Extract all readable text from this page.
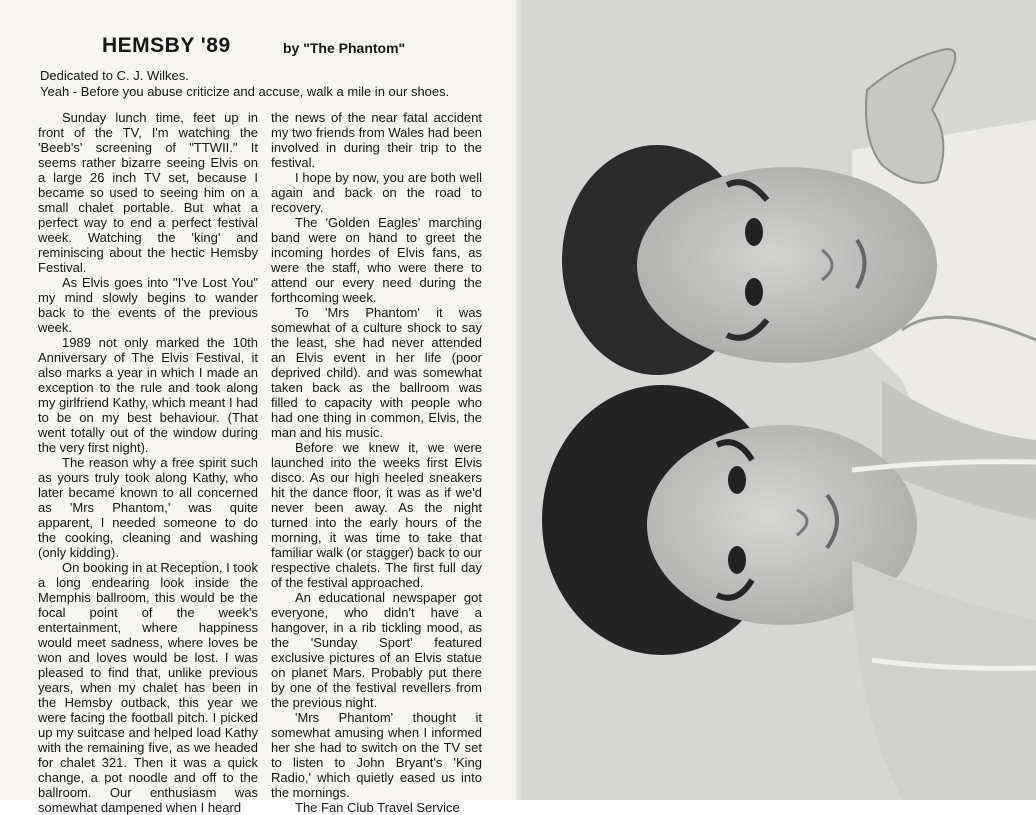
HEMSBY '89	by "The Phantom"
Dedicated to C. J. Wilkes.
Yeah - Before you abuse criticize and accuse, walk a mile in our shoes.

Sunday lunch time, feet up in front of the TV, I'm watching the 'Beeb's' screening of "TTWII." It seems rather bizarre seeing Elvis on a large 26 inch TV set, because I became so used to seeing him on a small chalet portable. But what a perfect way to end a perfect festival week. Watching the 'king' and reminiscing about the hectic Hemsby Festival.

As Elvis goes into "I've Lost You" my mind slowly begins to wander back to the events of the previous week.

1989 not only marked the 10th Anniversary of The Elvis Festival, it also marks a year in which I made an exception to the rule and took along my girlfriend Kathy, which meant I had to be on my best behaviour. (That went totally out of the window during the very first night).

The reason why a free spirit such as yours truly took along Kathy, who later became known to all concerned as 'Mrs Phantom,' was quite apparent, I needed someone to do the cooking, cleaning and washing (only kidding).

On booking in at Reception, I took a long endearing look inside the Memphis ballroom, this would be the focal point of the week's entertainment, where happiness would meet sadness, where loves be won and loves would be lost. I was pleased to find that, unlike previous years, when my chalet has been in the Hemsby outback, this year we were facing the football pitch. I picked up my suitcase and helped load Kathy with the remaining five, as we headed for chalet 321. Then it was a quick change, a pot noodle and off to the ballroom. Our enthusiasm was somewhat dampened when I heard

the news of the near fatal accident my two friends from Wales had been involved in during their trip to the festival.

I hope by now, you are both well again and back on the road to recovery.

The 'Golden Eagles' marching band were on hand to greet the incoming hordes of Elvis fans, as were the staff, who were there to attend our every need during the forthcoming week.

To 'Mrs Phantom' it was somewhat of a culture shock to say the least, she had never attended an Elvis event in her life (poor deprived child). and was somewhat taken back as the ballroom was filled to capacity with people who had one thing in common, Elvis, the man and his music.

Before we knew it, we were launched into the weeks first Elvis disco. As our high heeled sneakers hit the dance floor, it was as if we'd never been away. As the night turned into the early hours of the morning, it was time to take that familiar walk (or stagger) back to our respective chalets. The first full day of the festival approached.

An educational newspaper got everyone, who didn't have a hangover, in a rib tickling mood, as the 'Sunday Sport' featured exclusive pictures of an Elvis statue on planet Mars. Probably put there by one of the festival revellers from the previous night.

'Mrs Phantom' thought it somewhat amusing when I informed her she had to switch on the TV set to listen to John Bryant's 'King Radio,' which quietly eased us into the mornings.

The Fan Club Travel Service
